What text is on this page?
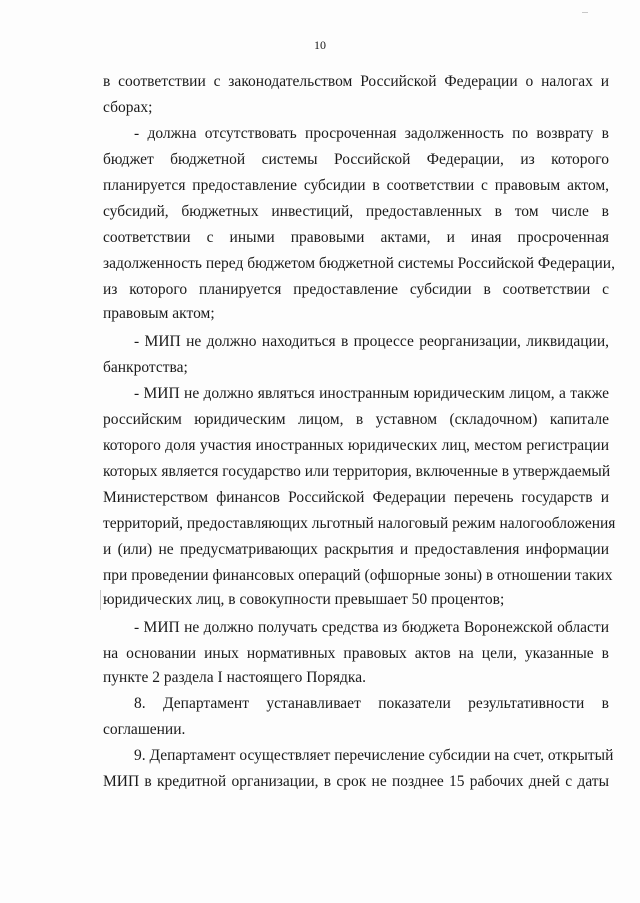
10
в соответствии с законодательством Российской Федерации о налогах и
сборах;
- должна отсутствовать просроченная задолженность по возврату в
бюджет бюджетной системы Российской Федерации, из которого
планируется предоставление субсидии в соответствии с правовым актом,
субсидий, бюджетных инвестиций, предоставленных в том числе в
соответствии с иными правовыми актами, и иная просроченная
задолженность перед бюджетом бюджетной системы Российской Федерации,
из которого планируется предоставление субсидии в соответствии с
правовым актом;
- МИП не должно находиться в процессе реорганизации, ликвидации,
банкротства;
- МИП не должно являться иностранным юридическим лицом, а также
российским юридическим лицом, в уставном (складочном) капитале
которого доля участия иностранных юридических лиц, местом регистрации
которых является государство или территория, включенные в утверждаемый
Министерством финансов Российской Федерации перечень государств и
территорий, предоставляющих льготный налоговый режим налогообложения
и (или) не предусматривающих раскрытия и предоставления информации
при проведении финансовых операций (офшорные зоны) в отношении таких
юридических лиц, в совокупности превышает 50 процентов;
- МИП не должно получать средства из бюджета Воронежской области
на основании иных нормативных правовых актов на цели, указанные в
пункте 2 раздела I настоящего Порядка.
8. Департамент устанавливает показатели результативности в
соглашении.
9. Департамент осуществляет перечисление субсидии на счет, открытый
МИП в кредитной организации, в срок не позднее 15 рабочих дней с даты
